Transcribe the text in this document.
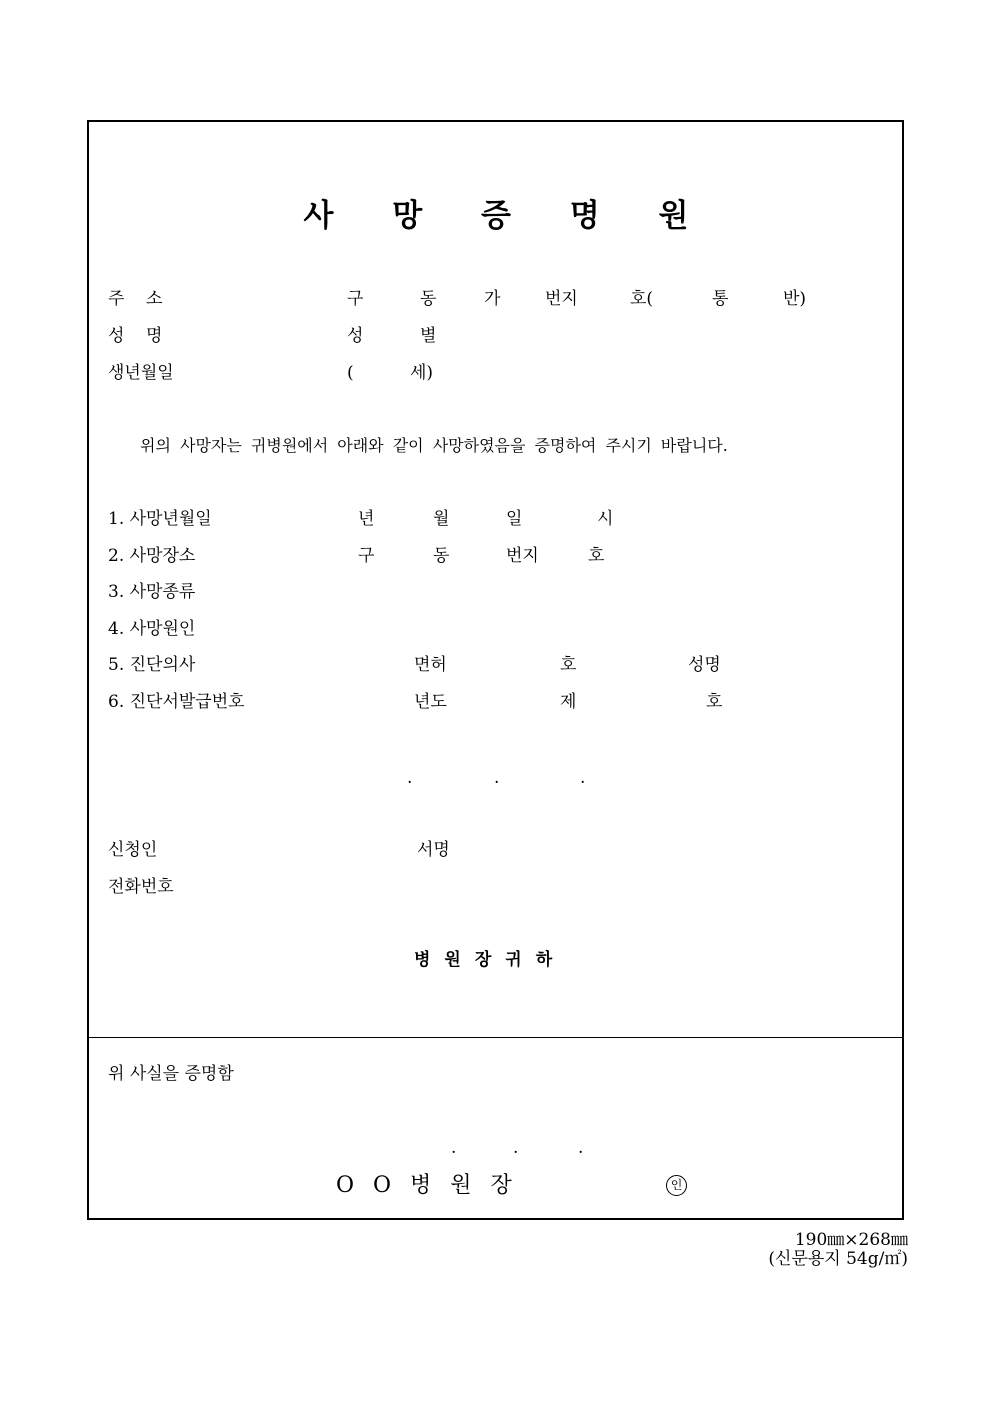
사 망 증 명 원
주    소	구	동	가	번지	호(	통	반)
성    명	성	별
생년월일	(	세)
위의 사망자는 귀병원에서 아래와 같이 사망하였음을 증명하여 주시기 바랍니다.
1. 사망년월일	년	월	일	시
2. 사망장소	구	동	번지	호
3. 사망종류
4. 사망원인
5. 진단의사	면허	호	성명
6. 진단서발급번호	년도	제	호
.	.	.
신청인	서명
전화번호
병원장귀하
위 사실을 증명함
.	.	.
O O 병 원 장	인
190㎜×268㎜
(신문용지 54g/㎡)
